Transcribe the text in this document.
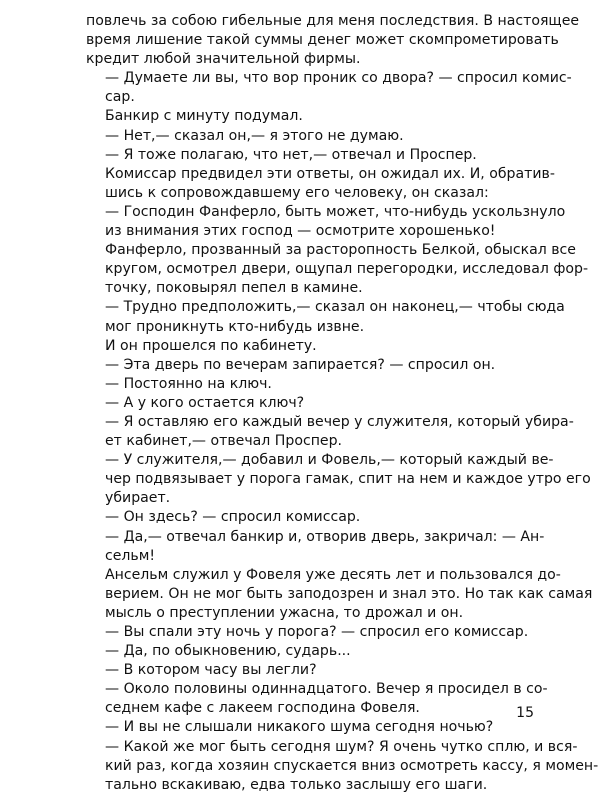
повлечь за собою гибельные для меня последствия. В настоящее
время лишение такой суммы денег может скомпрометировать
кредит любой значительной фирмы.

— Думаете ли вы, что вор проник со двора? — спросил комис-
сар.

Банкир с минуту подумал.

— Нет,— сказал он,— я этого не думаю.

— Я тоже полагаю, что нет,— отвечал и Проспер.

Комиссар предвидел эти ответы, он ожидал их. И, обратив-
шись к сопровождавшему его человеку, он сказал:

— Господин Фанферло, быть может, что-нибудь ускользнуло
из внимания этих господ — осмотрите хорошенько!

Фанферло, прозванный за расторопность Белкой, обыскал все
кругом, осмотрел двери, ощупал перегородки, исследовал фор-
точку, поковырял пепел в камине.

— Трудно предположить,— сказал он наконец,— чтобы сюда
мог проникнуть кто-нибудь извне.

И он прошелся по кабинету.

— Эта дверь по вечерам запирается? — спросил он.

— Постоянно на ключ.

— А у кого остается ключ?

— Я оставляю его каждый вечер у служителя, который убира-
ет кабинет,— отвечал Проспер.

— У служителя,— добавил и Фовель,— который каждый ве-
чер подвязывает у порога гамак, спит на нем и каждое утро его
убирает.

— Он здесь? — спросил комиссар.

— Да,— отвечал банкир и, отворив дверь, закричал: — Ан-
сельм!

Ансельм служил у Фовеля уже десять лет и пользовался до-
верием. Он не мог быть заподозрен и знал это. Но так как самая
мысль о преступлении ужасна, то дрожал и он.

— Вы спали эту ночь у порога? — спросил его комиссар.

— Да, по обыкновению, сударь...

— В котором часу вы легли?

— Около половины одиннадцатого. Вечер я просидел в со-
седнем кафе с лакеем господина Фовеля.

— И вы не слышали никакого шума сегодня ночью?

— Какой же мог быть сегодня шум? Я очень чутко сплю, и вся-
кий раз, когда хозяин спускается вниз осмотреть кассу, я момен-
тально вскакиваю, едва только заслышу его шаги.

15
